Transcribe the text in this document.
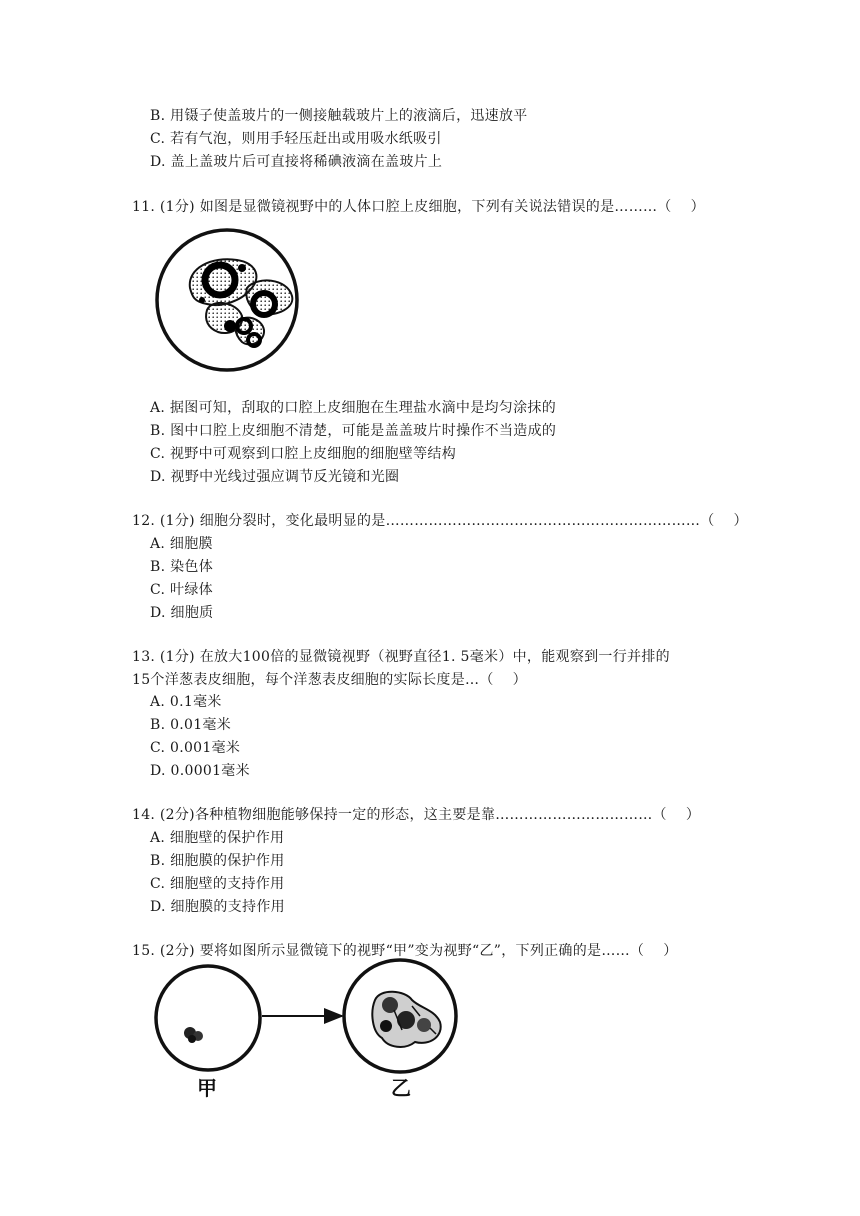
B. 用镊子使盖玻片的一侧接触载玻片上的液滴后，迅速放平
C. 若有气泡，则用手轻压赶出或用吸水纸吸引
D. 盖上盖玻片后可直接将稀碘液滴在盖玻片上
11. (1分) 如图是显微镜视野中的人体口腔上皮细胞，下列有关说法错误的是………（    ）
A. 据图可知，刮取的口腔上皮细胞在生理盐水滴中是均匀涂抹的
B. 图中口腔上皮细胞不清楚，可能是盖盖玻片时操作不当造成的
C. 视野中可观察到口腔上皮细胞的细胞壁等结构
D. 视野中光线过强应调节反光镜和光圈
12. (1分) 细胞分裂时，变化最明显的是…………………………………………………………（    ）
A. 细胞膜
B. 染色体
C. 叶绿体
D. 细胞质
13. (1分) 在放大100倍的显微镜视野（视野直径1. 5毫米）中，能观察到一行并排的
15个洋葱表皮细胞，每个洋葱表皮细胞的实际长度是…（    ）
A. 0.1毫米
B. 0.01毫米
C. 0.001毫米
D. 0.0001毫米
14. (2分)各种植物细胞能够保持一定的形态，这主要是靠……………………………（    ）
A. 细胞壁的保护作用
B. 细胞膜的保护作用
C. 细胞壁的支持作用
D. 细胞膜的支持作用
15. (2分) 要将如图所示显微镜下的视野“甲”变为视野“乙”，下列正确的是……（    ）
甲	乙
